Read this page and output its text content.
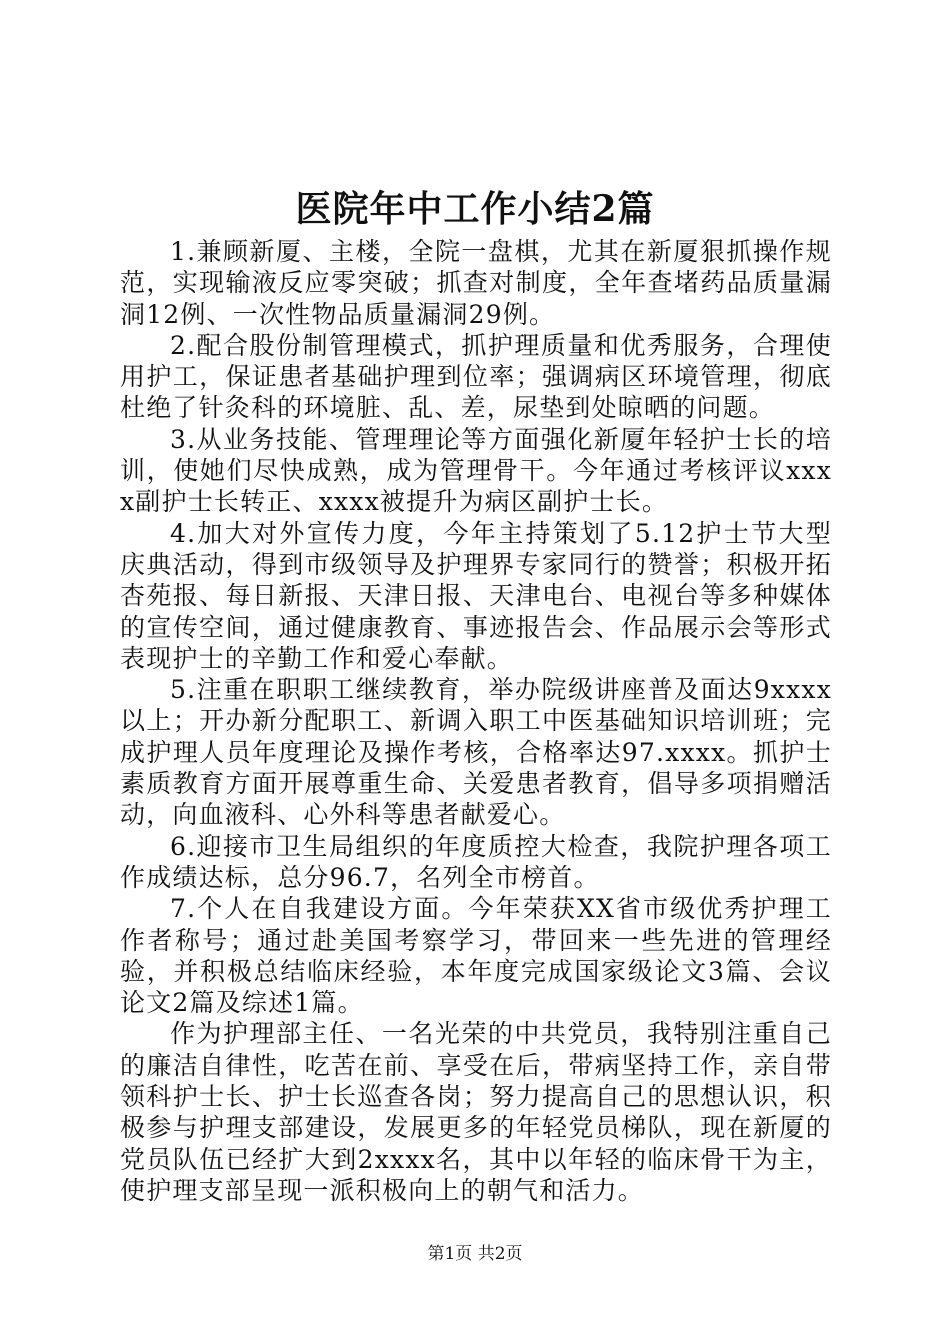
医院年中工作小结2篇

1.兼顾新厦、主楼，全院一盘棋，尤其在新厦狠抓操作规范，实现输液反应零突破；抓查对制度，全年查堵药品质量漏洞12例、一次性物品质量漏洞29例。

2.配合股份制管理模式，抓护理质量和优秀服务，合理使用护工，保证患者基础护理到位率；强调病区环境管理，彻底杜绝了针灸科的环境脏、乱、差，尿垫到处晾晒的问题。

3.从业务技能、管理理论等方面强化新厦年轻护士长的培训，使她们尽快成熟，成为管理骨干。今年通过考核评议xxxx副护士长转正、xxxx被提升为病区副护士长。

4.加大对外宣传力度，今年主持策划了5.12护士节大型庆典活动，得到市级领导及护理界专家同行的赞誉；积极开拓杏苑报、每日新报、天津日报、天津电台、电视台等多种媒体的宣传空间，通过健康教育、事迹报告会、作品展示会等形式表现护士的辛勤工作和爱心奉献。

5.注重在职职工继续教育，举办院级讲座普及面达9xxxx以上；开办新分配职工、新调入职工中医基础知识培训班；完成护理人员年度理论及操作考核，合格率达97.xxxx。抓护士素质教育方面开展尊重生命、关爱患者教育，倡导多项捐赠活动，向血液科、心外科等患者献爱心。

6.迎接市卫生局组织的年度质控大检查，我院护理各项工作成绩达标，总分96.7，名列全市榜首。

7.个人在自我建设方面。今年荣获XX省市级优秀护理工作者称号；通过赴美国考察学习，带回来一些先进的管理经验，并积极总结临床经验，本年度完成国家级论文3篇、会议论文2篇及综述1篇。

作为护理部主任、一名光荣的中共党员，我特别注重自己的廉洁自律性，吃苦在前、享受在后，带病坚持工作，亲自带领科护士长、护士长巡查各岗；努力提高自己的思想认识，积极参与护理支部建设，发展更多的年轻党员梯队，现在新厦的党员队伍已经扩大到2xxxx名，其中以年轻的临床骨干为主，使护理支部呈现一派积极向上的朝气和活力。

第1页 共2页
